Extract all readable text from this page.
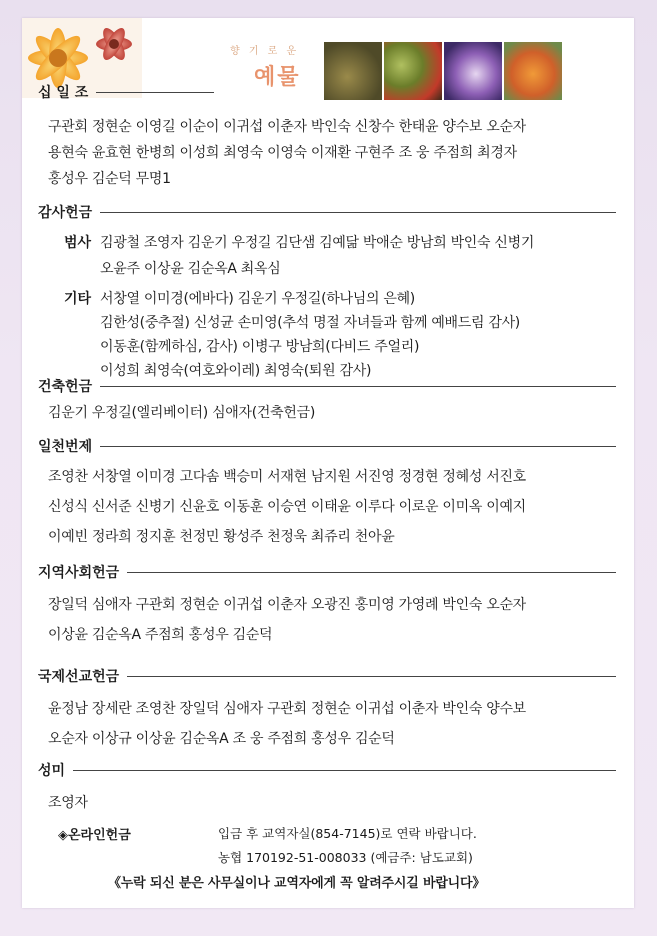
향 기 로 운
예물
십 일 조
구관회 정현순 이영길 이순이 이귀섭 이춘자 박인숙 신창수 한태윤 양수보 오순자
용현숙 윤효현 한병희 이성희 최영숙 이영숙 이재환 구현주 조 웅 주점희 최경자
홍성우 김순덕 무명1
감사헌금
범사 김광철 조영자 김운기 우정길 김단샘 김예닮 박애순 방남희 박인숙 신병기
오윤주 이상윤 김순옥A 최옥심
기타 서창열 이미경(에바다) 김운기 우정길(하나님의 은혜)
김한성(중추절) 신성균 손미영(추석 명절 자녀들과 함께 예배드림 감사)
이동훈(함께하심, 감사) 이병구 방남희(다비드 주얼리)
이성희 최영숙(여호와이레) 최영숙(퇴원 감사)
건축헌금
김운기 우정길(엘리베이터) 심애자(건축헌금)
일천번제
조영찬 서창열 이미경 고다솜 백승미 서재현 남지원 서진영 정경현 정혜성 서진호
신성식 신서준 신병기 신윤호 이동훈 이승연 이태윤 이루다 이로운 이미옥 이예지
이예빈 정라희 정지훈 천정민 황성주 천정욱 최쥬리 천아윤
지역사회헌금
장일덕 심애자 구관회 정현순 이귀섭 이춘자 오광진 홍미영 가영례 박인숙 오순자
이상윤 김순옥A 주점희 홍성우 김순덕
국제선교헌금
윤정남 장세란 조영찬 장일덕 심애자 구관회 정현순 이귀섭 이춘자 박인숙 양수보
오순자 이상규 이상윤 김순옥A 조 웅 주점희 홍성우 김순덕
성미
조영자
◈온라인헌금	입금 후 교역자실(854-7145)로 연락 바랍니다.
농협 170192-51-008033 (예금주: 남도교회)
《누락 되신 분은 사무실이나 교역자에게 꼭 알려주시길 바랍니다》
